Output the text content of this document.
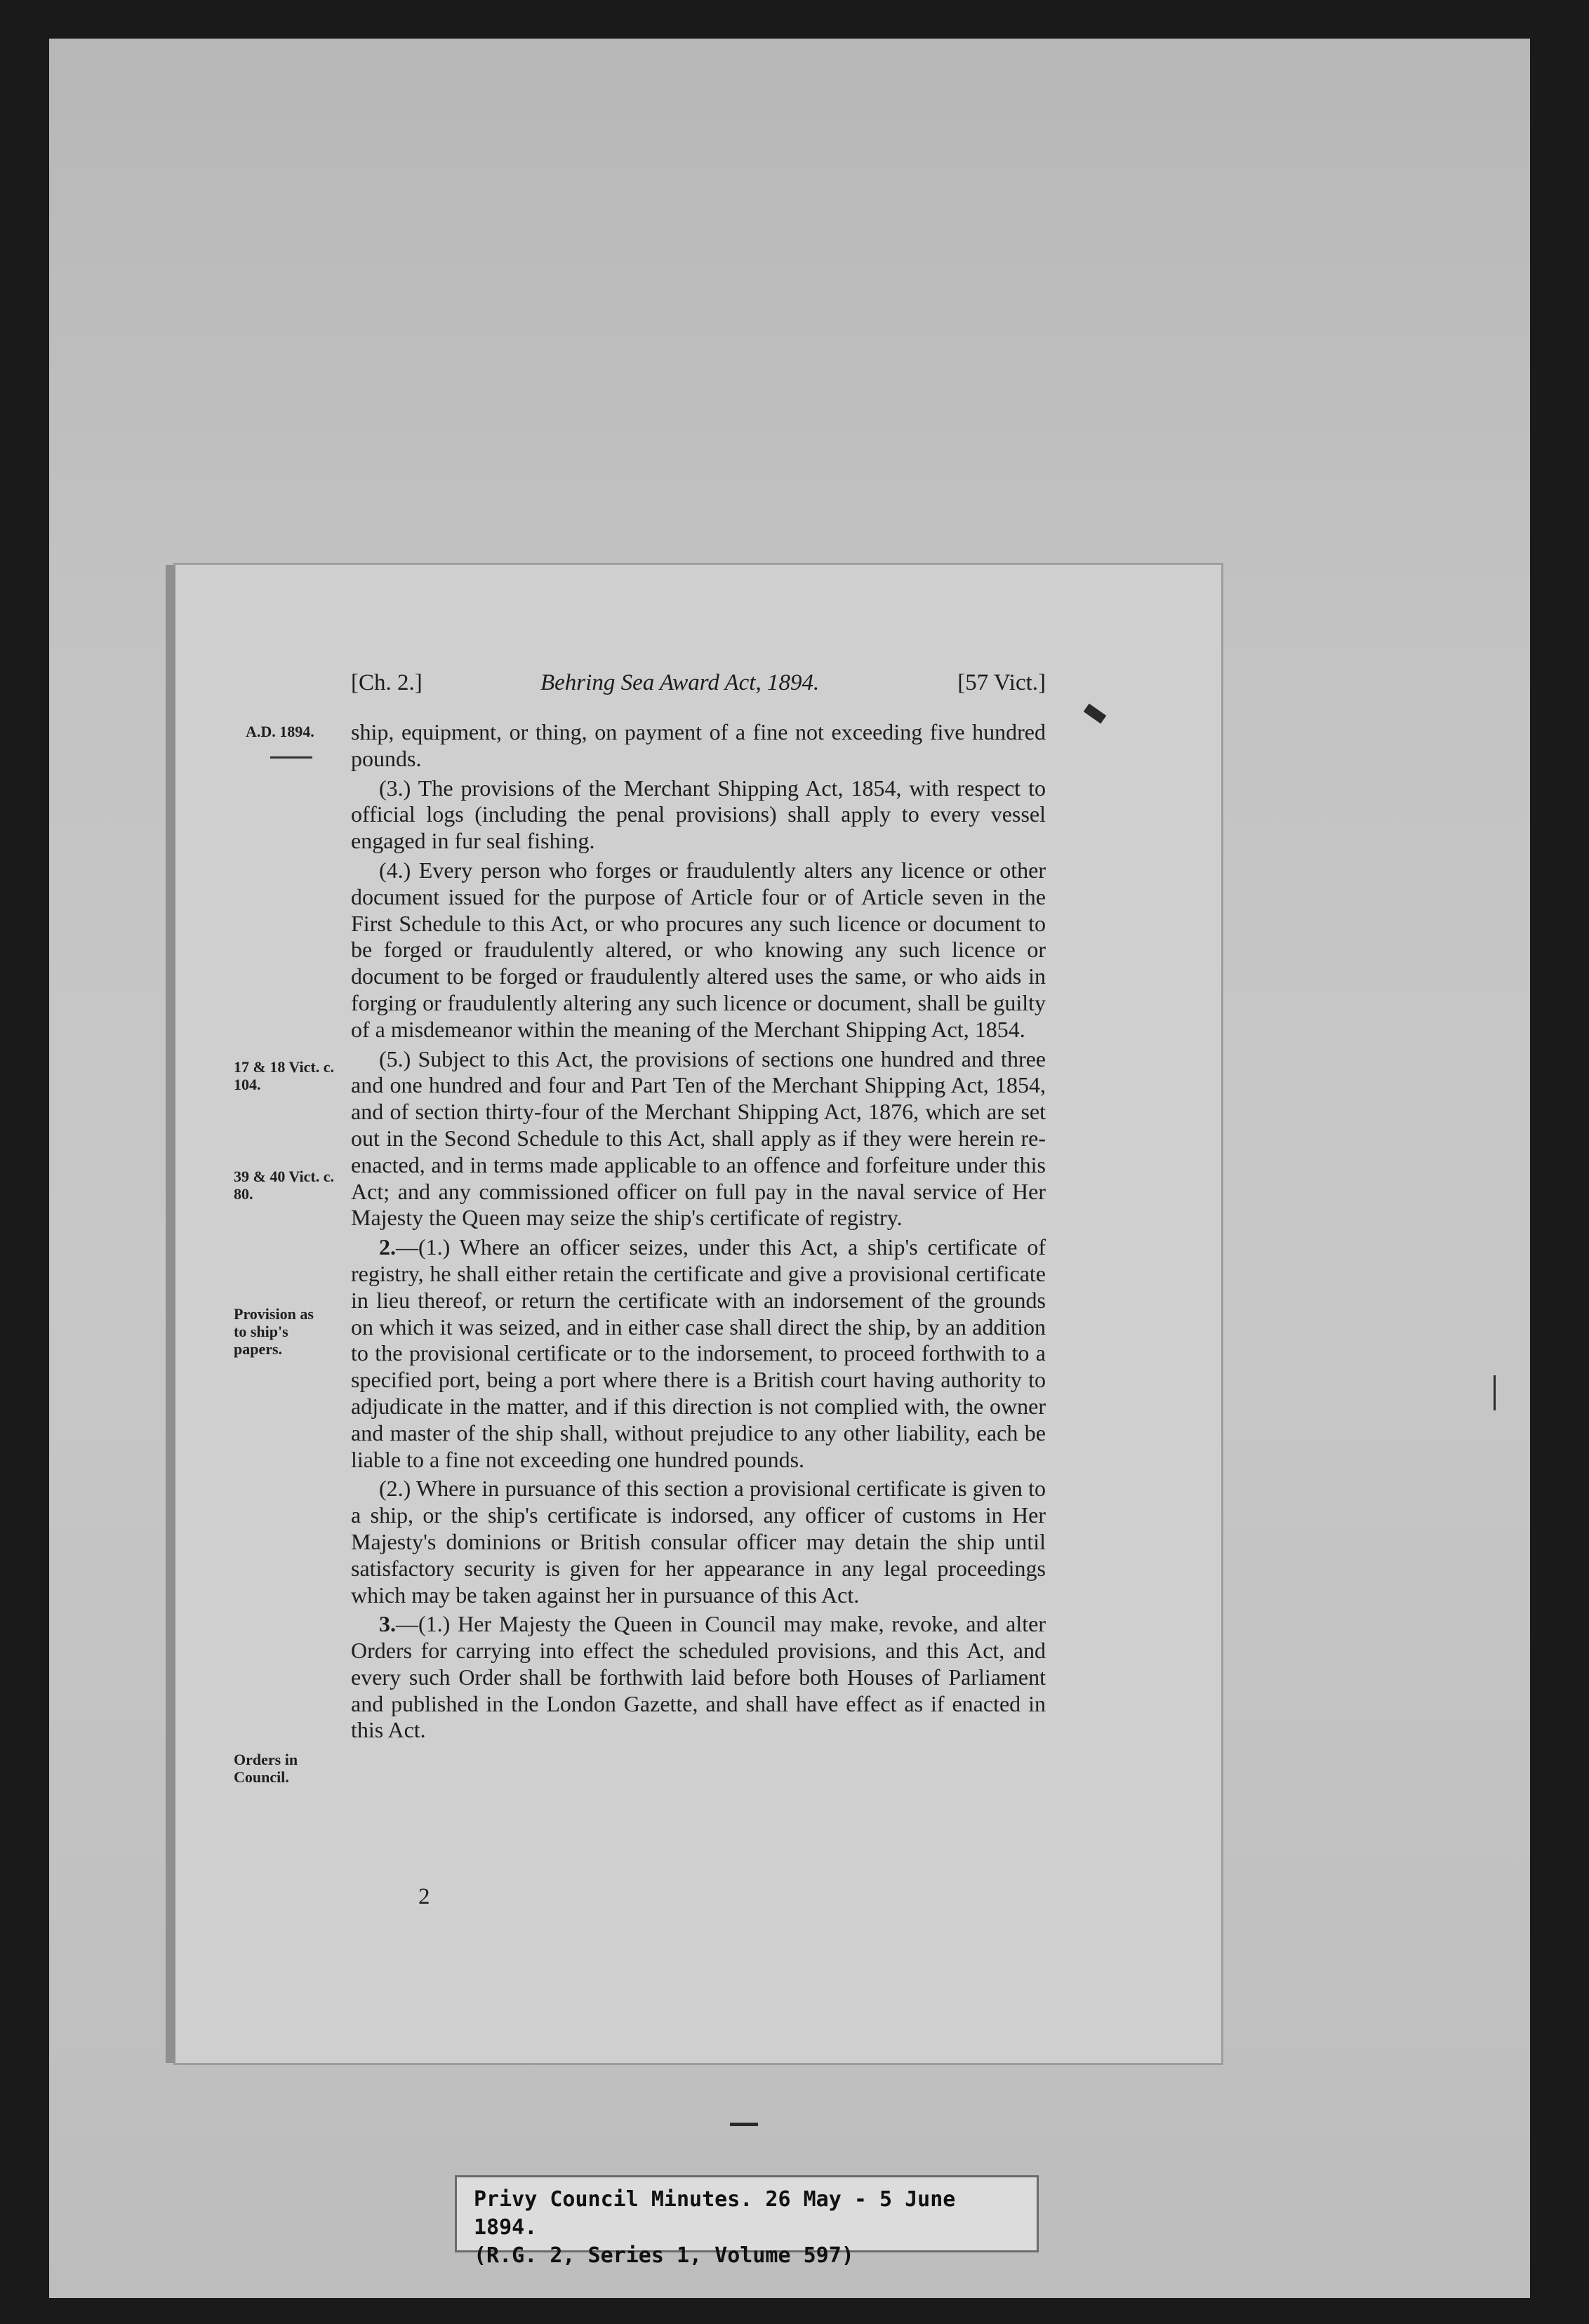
[Ch. 2.]	Behring Sea Award Act, 1894.	[57 Vict.]
A.D. 1894.
17 & 18 Vict. c. 104.
39 & 40 Vict. c. 80.
Provision as to ship's papers.
Orders in Council.

ship, equipment, or thing, on payment of a fine not exceeding five hundred pounds.

(3.) The provisions of the Merchant Shipping Act, 1854, with respect to official logs (including the penal provisions) shall apply to every vessel engaged in fur seal fishing.

(4.) Every person who forges or fraudulently alters any licence or other document issued for the purpose of Article four or of Article seven in the First Schedule to this Act, or who procures any such licence or document to be forged or fraudulently altered, or who knowing any such licence or document to be forged or fraudulently altered uses the same, or who aids in forging or fraudulently altering any such licence or document, shall be guilty of a misdemeanor within the meaning of the Merchant Shipping Act, 1854.

(5.) Subject to this Act, the provisions of sections one hundred and three and one hundred and four and Part Ten of the Merchant Shipping Act, 1854, and of section thirty-four of the Merchant Shipping Act, 1876, which are set out in the Second Schedule to this Act, shall apply as if they were herein re-enacted, and in terms made applicable to an offence and forfeiture under this Act; and any commissioned officer on full pay in the naval service of Her Majesty the Queen may seize the ship's certificate of registry.

2.—(1.) Where an officer seizes, under this Act, a ship's certificate of registry, he shall either retain the certificate and give a provisional certificate in lieu thereof, or return the certificate with an indorsement of the grounds on which it was seized, and in either case shall direct the ship, by an addition to the provisional certificate or to the indorsement, to proceed forthwith to a specified port, being a port where there is a British court having authority to adjudicate in the matter, and if this direction is not complied with, the owner and master of the ship shall, without prejudice to any other liability, each be liable to a fine not exceeding one hundred pounds.

(2.) Where in pursuance of this section a provisional certificate is given to a ship, or the ship's certificate is indorsed, any officer of customs in Her Majesty's dominions or British consular officer may detain the ship until satisfactory security is given for her appearance in any legal proceedings which may be taken against her in pursuance of this Act.

3.—(1.) Her Majesty the Queen in Council may make, revoke, and alter Orders for carrying into effect the scheduled provisions, and this Act, and every such Order shall be forthwith laid before both Houses of Parliament and published in the London Gazette, and shall have effect as if enacted in this Act.

2
Privy Council Minutes. 26 May - 5 June 1894.
(R.G. 2, Series 1, Volume 597)
